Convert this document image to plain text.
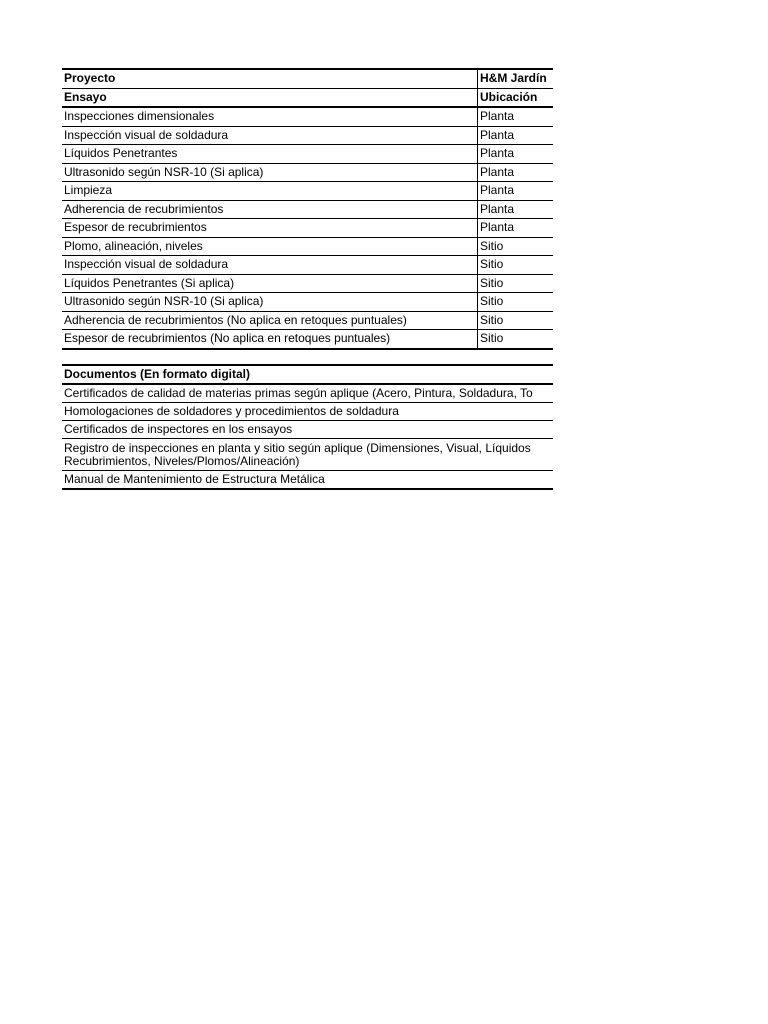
Proyecto	H&M Jardín
Ensayo	Ubicación
Inspecciones dimensionales	Planta
Inspección visual de soldadura	Planta
Líquidos Penetrantes	Planta
Ultrasonido según NSR-10 (Si aplica)	Planta
Limpieza	Planta
Adherencia de recubrimientos	Planta
Espesor de recubrimientos	Planta
Plomo, alineación, niveles	Sitio
Inspección visual de soldadura	Sitio
Líquidos Penetrantes (Si aplica)	Sitio
Ultrasonido según NSR-10 (Si aplica)	Sitio
Adherencia de recubrimientos (No aplica en retoques puntuales)	Sitio
Espesor de recubrimientos (No aplica en retoques puntuales)	Sitio
Documentos (En formato digital)
Certificados de calidad de materias primas según aplique (Acero, Pintura, Soldadura, To
Homologaciones de soldadores y procedimientos de soldadura
Certificados de inspectores en los ensayos
Registro de inspecciones en planta y sitio según aplique (Dimensiones, Visual, Líquidos Recubrimientos, Niveles/Plomos/Alineación)
Manual de Mantenimiento de Estructura Metálica
